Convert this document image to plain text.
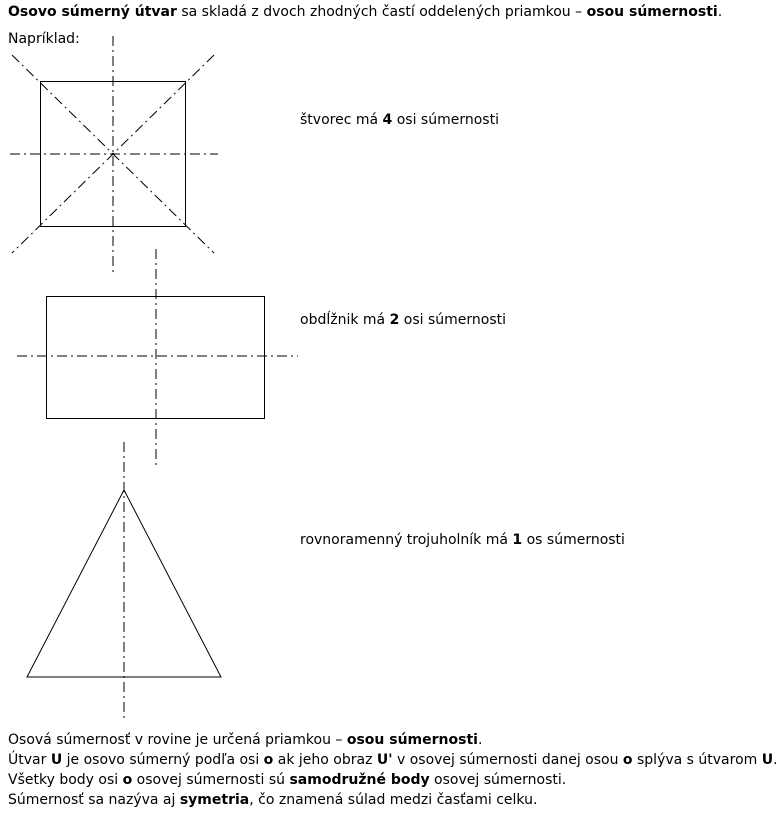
Osovo súmerný útvar sa skladá z dvoch zhodných častí oddelených priamkou – osou súmernosti.
Napríklad:
štvorec má 4 osi súmernosti
obdĺžnik má 2 osi súmernosti
rovnoramenný trojuholník má 1 os súmernosti
Osová súmernosť v rovine je určená priamkou – osou súmernosti.
Útvar U je osovo súmerný podľa osi o ak jeho obraz U' v osovej súmernosti danej osou o splýva s útvarom U.
Všetky body osi o osovej súmernosti sú samodružné body osovej súmernosti.
Súmernosť sa nazýva aj symetria, čo znamená súlad medzi časťami celku.
